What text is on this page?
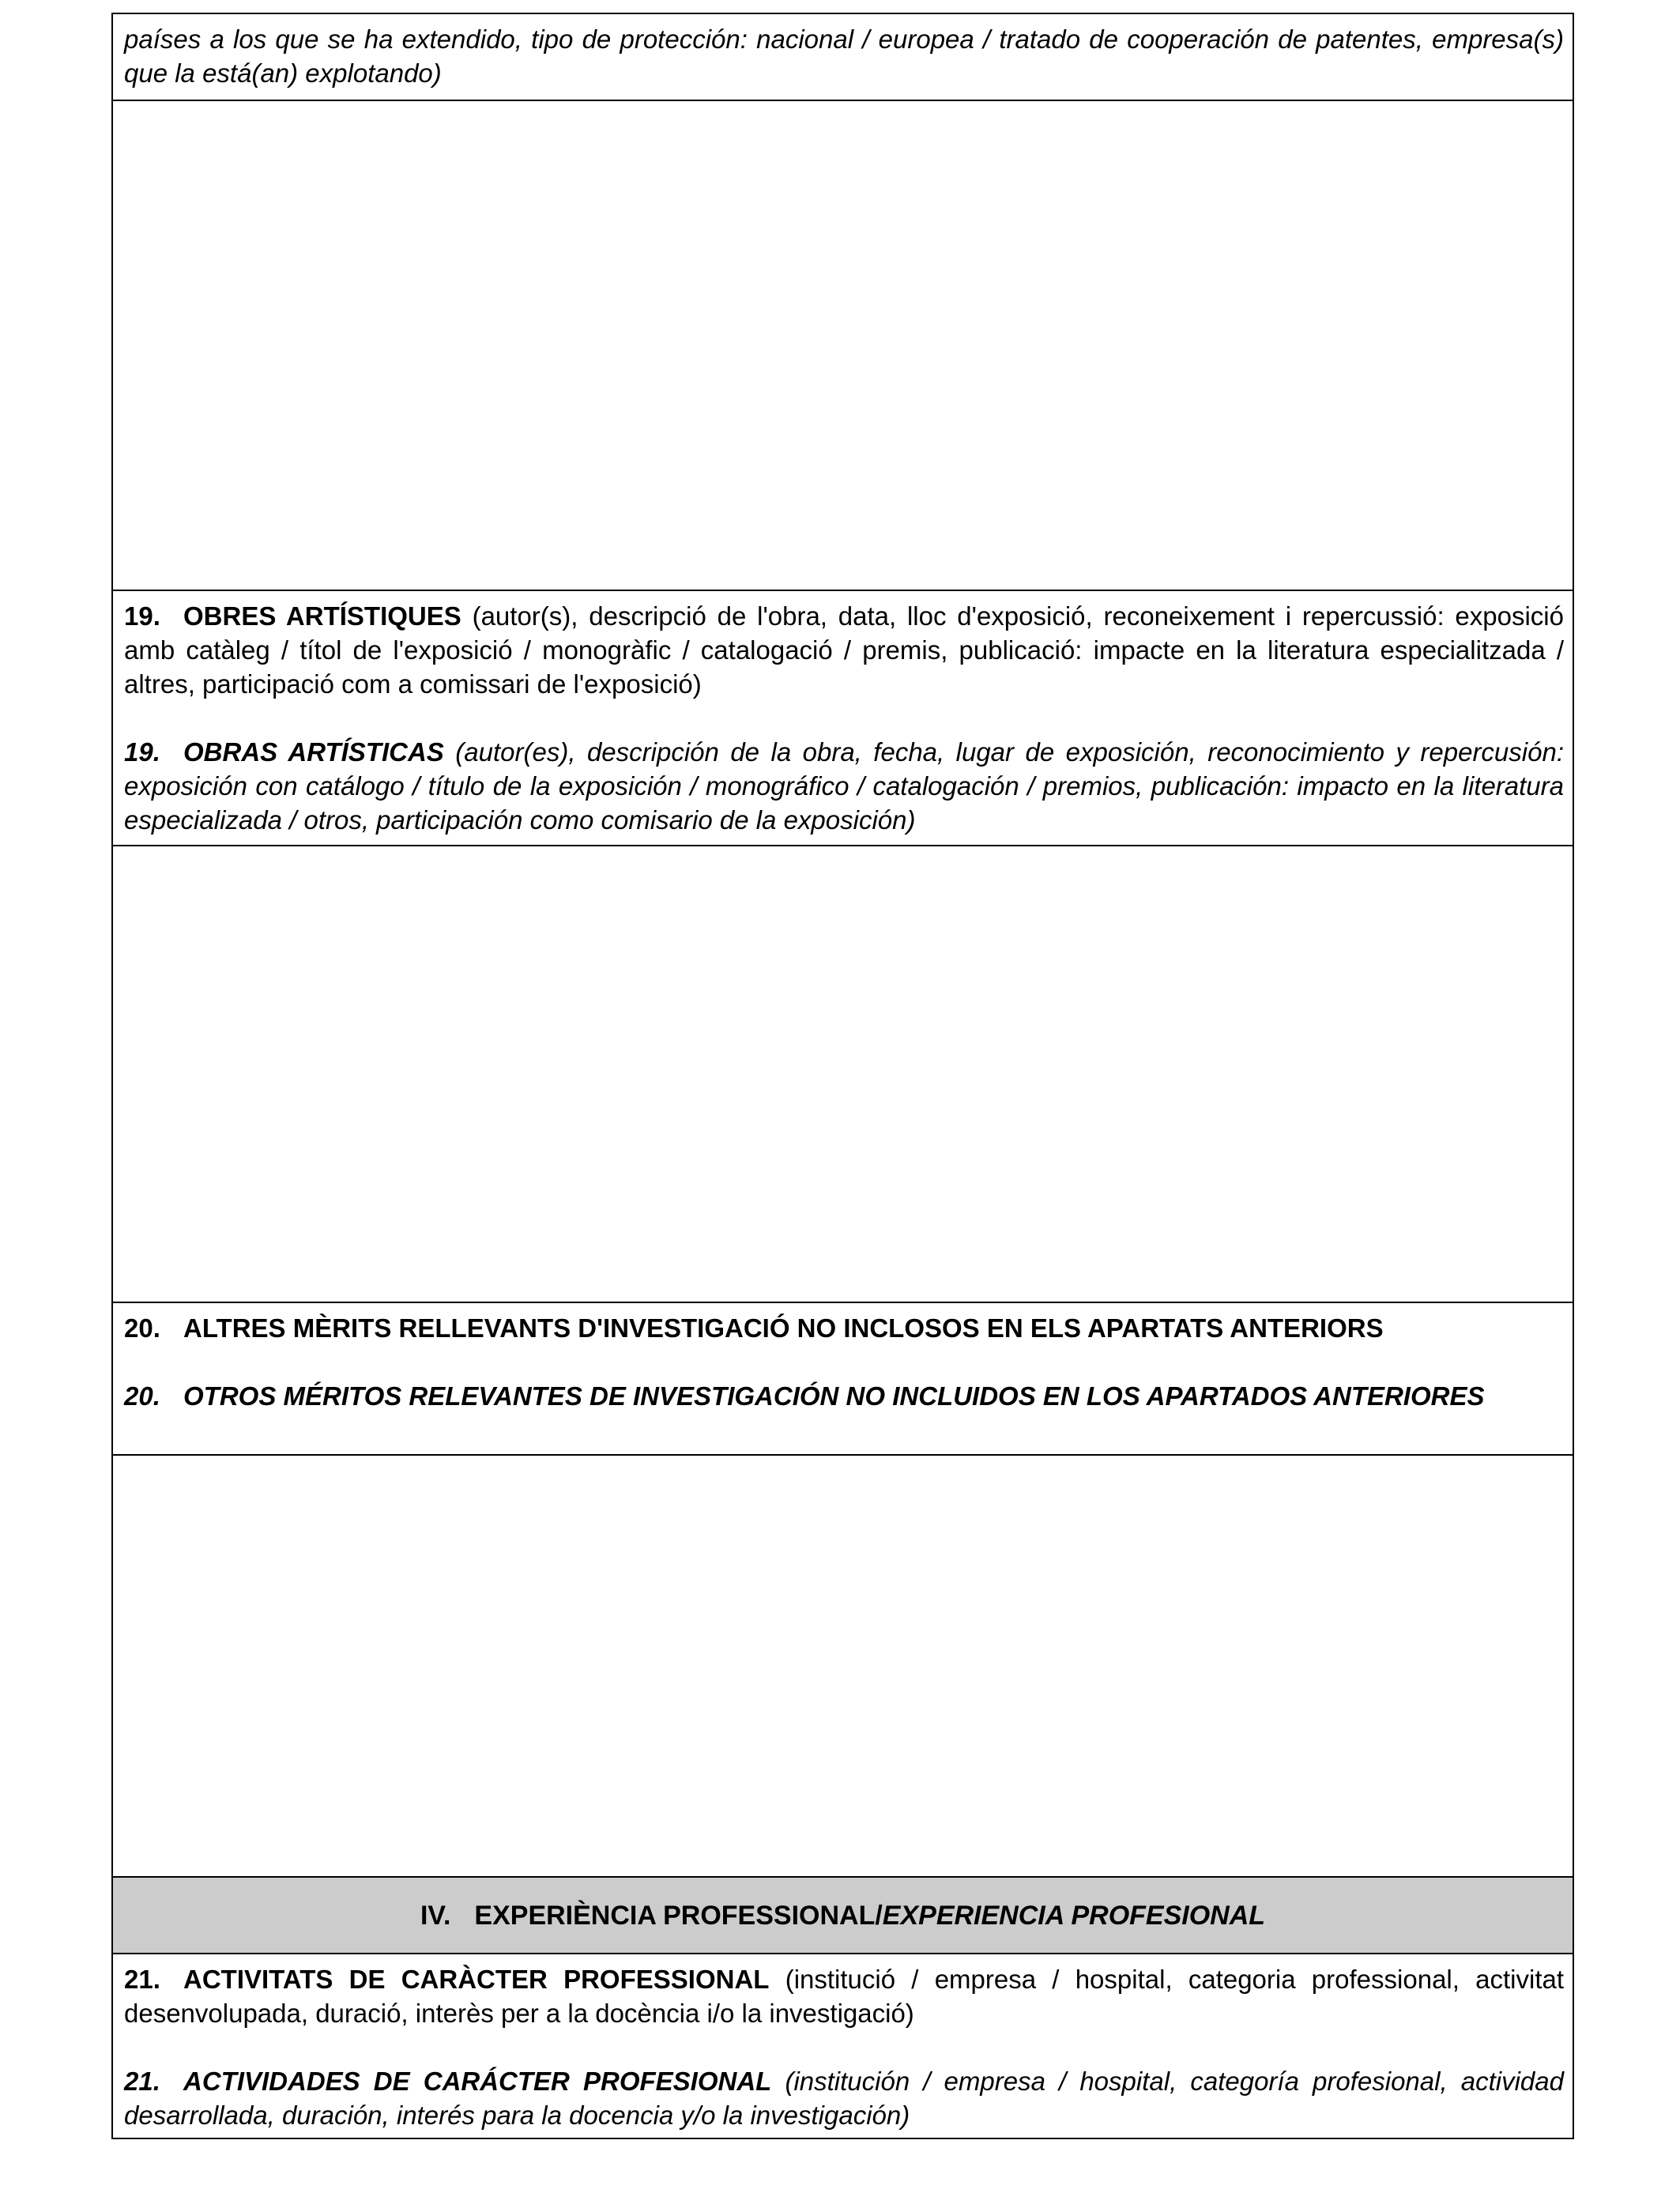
países a los que se ha extendido, tipo de protección: nacional / europea / tratado de cooperación de patentes, empresa(s) que la está(an) explotando)

19. OBRES ARTÍSTIQUES (autor(s), descripció de l'obra, data, lloc d'exposició, reconeixement i repercussió: exposició amb catàleg / títol de l'exposició / monogràfic / catalogació / premis, publicació: impacte en la literatura especialitzada / altres, participació com a comissari de l'exposició)

19. OBRAS ARTÍSTICAS (autor(es), descripción de la obra, fecha, lugar de exposición, reconocimiento y repercusión: exposición con catálogo / título de la exposición / monográfico / catalogación / premios, publicación: impacto en la literatura especializada / otros, participación como comisario de la exposición)

20. ALTRES MÈRITS RELLEVANTS D'INVESTIGACIÓ NO INCLOSOS EN ELS APARTATS ANTERIORS

20. OTROS MÉRITOS RELEVANTES DE INVESTIGACIÓN NO INCLUIDOS EN LOS APARTADOS ANTERIORES

IV. EXPERIÈNCIA PROFESSIONAL/EXPERIENCIA PROFESIONAL

21. ACTIVITATS DE CARÀCTER PROFESSIONAL (institució / empresa / hospital, categoria professional, activitat desenvolupada, duració, interès per a la docència i/o la investigació)

21. ACTIVIDADES DE CARÁCTER PROFESIONAL (institución / empresa / hospital, categoría profesional, actividad desarrollada, duración, interés para la docencia y/o la investigación)
